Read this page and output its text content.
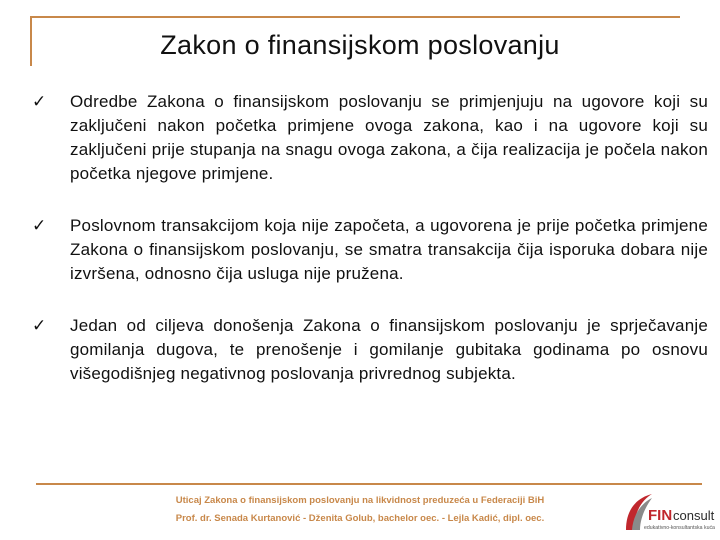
Zakon o finansijskom poslovanju
✓ Odredbe Zakona o finansijskom poslovanju se primjenjuju na ugovore koji su zaključeni nakon početka primjene ovoga zakona, kao i na ugovore koji su zaključeni prije stupanja na snagu ovoga zakona, a čija realizacija je počela nakon početka njegove primjene.
✓ Poslovnom transakcijom koja nije započeta, a ugovorena je prije početka primjene Zakona o finansijskom poslovanju, se smatra transakcija čija isporuka dobara nije izvršena, odnosno čija usluga nije pružena.
✓ Jedan od ciljeva donošenja Zakona o finansijskom poslovanju je sprječavanje gomilanja dugova, te prenošenje i gomilanje gubitaka godinama po osnovu višegodišnjeg negativnog poslovanja privrednog subjekta.
Uticaj Zakona o finansijskom poslovanju na likvidnost preduzeća u Federaciji BiH
Prof. dr. Senada Kurtanović - Dženita Golub, bachelor oec. - Lejla Kadić, dipl. oec.	FIN consult
edukativno-konsultantska kuća
